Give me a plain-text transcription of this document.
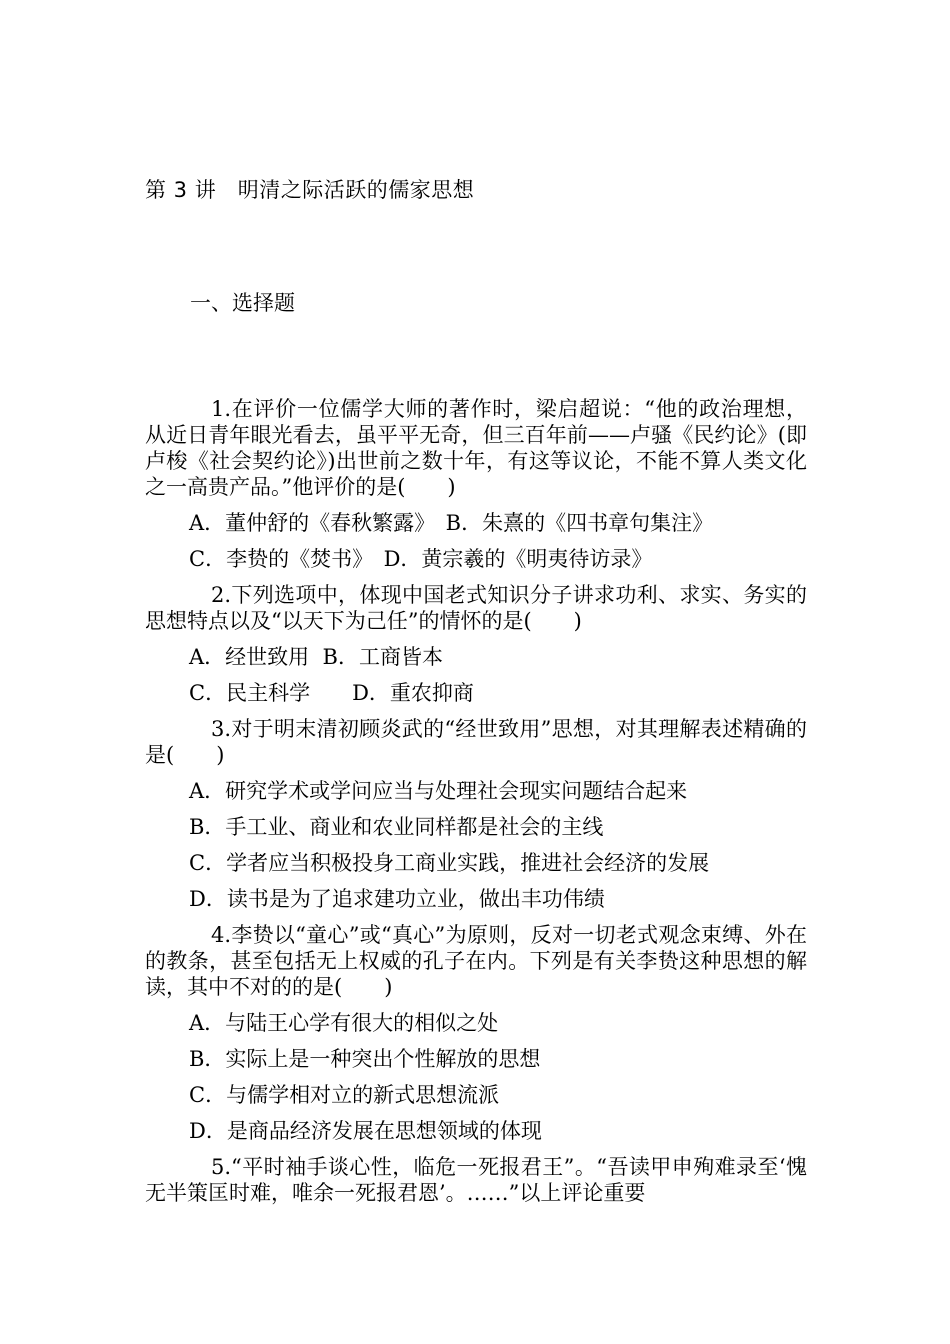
第 3 讲　明清之际活跃的儒家思想
一、选择题

1.在评价一位儒学大师的著作时，梁启超说：“他的政治理想，从近日青年眼光看去，虽平平无奇，但三百年前——卢骚《民约论》(即卢梭《社会契约论》)出世前之数十年，有这等议论，不能不算人类文化之一高贵产品。”他评价的是(　　)

A．董仲舒的《春秋繁露》　B．朱熹的《四书章句集注》

C．李贽的《焚书》　D．黄宗羲的《明夷待访录》

2.下列选项中，体现中国老式知识分子讲求功利、求实、务实的思想特点以及“以天下为己任”的情怀的是(　　)

A．经世致用  B．工商皆本

C．民主科学　　D．重农抑商

3.对于明末清初顾炎武的“经世致用”思想，对其理解表述精确的是(　　)

A．研究学术或学问应当与处理社会现实问题结合起来

B．手工业、商业和农业同样都是社会的主线

C．学者应当积极投身工商业实践，推进社会经济的发展

D．读书是为了追求建功立业，做出丰功伟绩

4.李贽以“童心”或“真心”为原则，反对一切老式观念束缚、外在的教条，甚至包括无上权威的孔子在内。下列是有关李贽这种思想的解读，其中不对的的是(　　)

A．与陆王心学有很大的相似之处

B．实际上是一种突出个性解放的思想

C．与儒学相对立的新式思想流派

D．是商品经济发展在思想领域的体现

5.“平时袖手谈心性，临危一死报君王”。“吾读甲申殉难录至‘愧无半策匡时难，唯余一死报君恩’。……”以上评论重要
